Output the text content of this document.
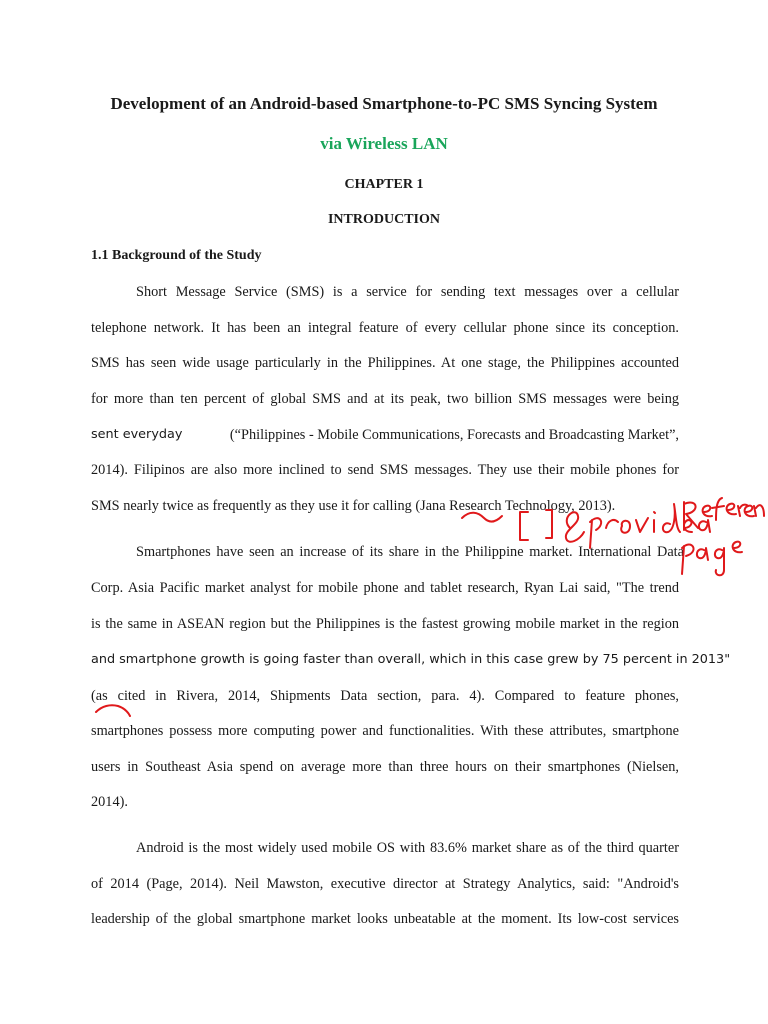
Development of an Android-based Smartphone-to-PC SMS Syncing System
via Wireless LAN
CHAPTER 1
INTRODUCTION
1.1 Background of the Study
Short Message Service (SMS) is a service for sending text messages over a cellular
telephone network. It has been an integral feature of every cellular phone since its conception.
SMS has seen wide usage particularly in the Philippines. At one stage, the Philippines accounted
for more than ten percent of global SMS and at its peak, two billion SMS messages were being
sent everyday	(“Philippines - Mobile Communications, Forecasts and Broadcasting Market”,
2014). Filipinos are also more inclined to send SMS messages. They use their mobile phones for
SMS nearly twice as frequently as they use it for calling (Jana Research Technology, 2013).
Smartphones have seen an increase of its share in the Philippine market. International Data
Corp. Asia Pacific market analyst for mobile phone and tablet research, Ryan Lai said, "The trend
is the same in ASEAN region but the Philippines is the fastest growing mobile market in the region
and smartphone growth is going faster than overall, which in this case grew by 75 percent in 2013"
(as cited in Rivera, 2014, Shipments Data section, para. 4). Compared to feature phones,
smartphones possess more computing power and functionalities. With these attributes, smartphone
users in Southeast Asia spend on average more than three hours on their smartphones (Nielsen,
2014).
Android is the most widely used mobile OS with 83.6% market share as of the third quarter
of 2014 (Page, 2014). Neil Mawston, executive director at Strategy Analytics, said: "Android's
leadership of the global smartphone market looks unbeatable at the moment. Its low-cost services
